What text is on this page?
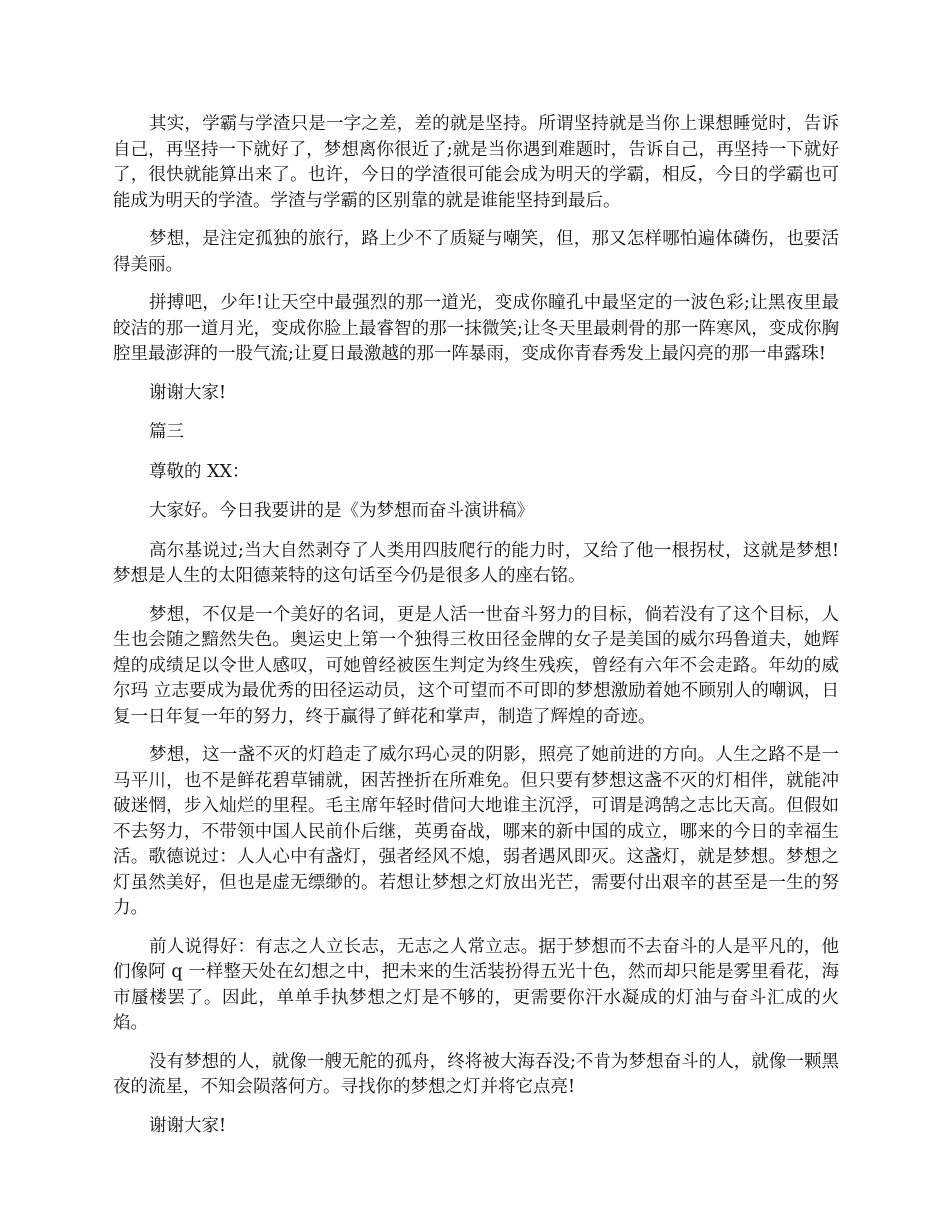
其实，学霸与学渣只是一字之差，差的就是坚持。所谓坚持就是当你上课想睡觉时，告诉自己，再坚持一下就好了，梦想离你很近了;就是当你遇到难题时，告诉自己，再坚持一下就好了，很快就能算出来了。也许，今日的学渣很可能会成为明天的学霸，相反，今日的学霸也可能成为明天的学渣。学渣与学霸的区别靠的就是谁能坚持到最后。

梦想，是注定孤独的旅行，路上少不了质疑与嘲笑，但，那又怎样哪怕遍体磷伤，也要活得美丽。

拼搏吧，少年!让天空中最强烈的那一道光，变成你瞳孔中最坚定的一波色彩;让黑夜里最皎洁的那一道月光，变成你脸上最睿智的那一抹微笑;让冬天里最刺骨的那一阵寒风，变成你胸腔里最澎湃的一股气流;让夏日最激越的那一阵暴雨，变成你青春秀发上最闪亮的那一串露珠!

谢谢大家!

篇三

尊敬的 XX：

大家好。今日我要讲的是《为梦想而奋斗演讲稿》

高尔基说过;当大自然剥夺了人类用四肢爬行的能力时，又给了他一根拐杖，这就是梦想!梦想是人生的太阳德莱特的这句话至今仍是很多人的座右铭。

梦想，不仅是一个美好的名词，更是人活一世奋斗努力的目标，倘若没有了这个目标，人生也会随之黯然失色。奥运史上第一个独得三枚田径金牌的女子是美国的威尔玛鲁道夫，她辉煌的成绩足以令世人感叹，可她曾经被医生判定为终生残疾，曾经有六年不会走路。年幼的威尔玛 立志要成为最优秀的田径运动员，这个可望而不可即的梦想激励着她不顾别人的嘲讽，日复一日年复一年的努力，终于赢得了鲜花和掌声，制造了辉煌的奇迹。

梦想，这一盏不灭的灯趋走了威尔玛心灵的阴影，照亮了她前进的方向。人生之路不是一马平川，也不是鲜花碧草铺就，困苦挫折在所难免。但只要有梦想这盏不灭的灯相伴，就能冲破迷惘，步入灿烂的里程。毛主席年轻时借问大地谁主沉浮，可谓是鸿鹄之志比天高。但假如不去努力，不带领中国人民前仆后继，英勇奋战，哪来的新中国的成立，哪来的今日的幸福生活。歌德说过：人人心中有盏灯，强者经风不熄，弱者遇风即灭。这盏灯，就是梦想。梦想之灯虽然美好，但也是虚无缥缈的。若想让梦想之灯放出光芒，需要付出艰辛的甚至是一生的努力。

前人说得好：有志之人立长志，无志之人常立志。据于梦想而不去奋斗的人是平凡的，他们像阿 q 一样整天处在幻想之中，把未来的生活装扮得五光十色，然而却只能是雾里看花，海市蜃楼罢了。因此，单单手执梦想之灯是不够的，更需要你汗水凝成的灯油与奋斗汇成的火焰。

没有梦想的人，就像一艘无舵的孤舟，终将被大海吞没;不肯为梦想奋斗的人，就像一颗黑夜的流星，不知会陨落何方。寻找你的梦想之灯并将它点亮!

谢谢大家!
